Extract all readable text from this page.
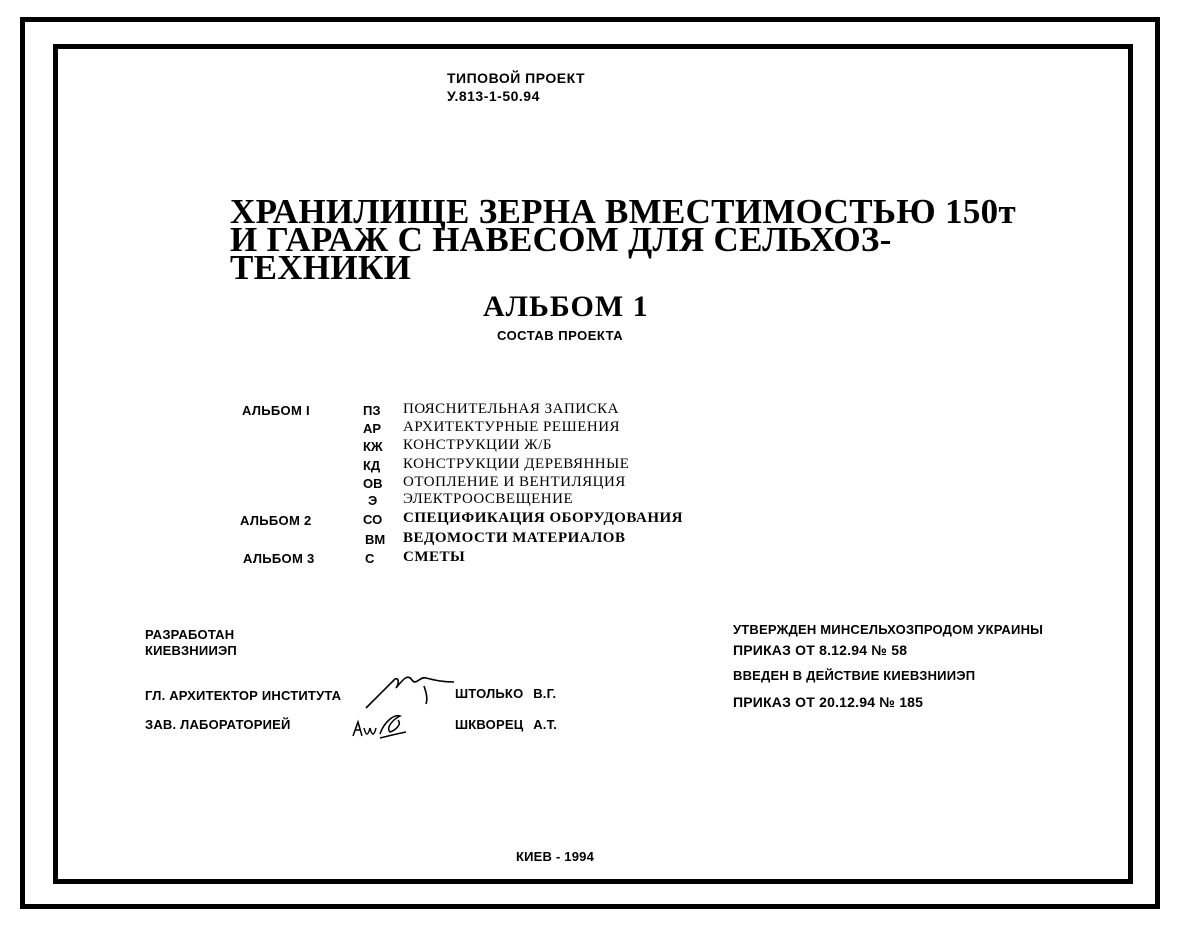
ТИПОВОЙ ПРОЕКТ
У.813-1-50.94
ХРАНИЛИЩЕ ЗЕРНА ВМЕСТИМОСТЬЮ 150т
И ГАРАЖ С НАВЕСОМ ДЛЯ СЕЛЬХОЗ-
ТЕХНИКИ
АЛЬБОМ 1
СОСТАВ ПРОЕКТА
АЛЬБОМ I	ПЗ ПОЯСНИТЕЛЬНАЯ ЗАПИСКА
АР АРХИТЕКТУРНЫЕ РЕШЕНИЯ
КЖ КОНСТРУКЦИИ Ж/Б
КД КОНСТРУКЦИИ ДЕРЕВЯННЫЕ
ОВ ОТОПЛЕНИЕ И ВЕНТИЛЯЦИЯ
Э ЭЛЕКТРООСВЕЩЕНИЕ
АЛЬБОМ 2	СО СПЕЦИФИКАЦИЯ ОБОРУДОВАНИЯ
ВМ ВЕДОМОСТИ МАТЕРИАЛОВ
АЛЬБОМ 3	С СМЕТЫ
РАЗРАБОТАН
КИЕВЗНИИЭП
ГЛ. АРХИТЕКТОР ИНСТИТУТА	ШТОЛЬКО В.Г.
ЗАВ. ЛАБОРАТОРИЕЙ	ШКВОРЕЦ А.Т.
УТВЕРЖДЕН МИНСЕЛЬХОЗПРОДОМ УКРАИНЫ
ПРИКАЗ ОТ 8.12.94 № 58
ВВЕДЕН В ДЕЙСТВИЕ КИЕВЗНИИЭП
ПРИКАЗ ОТ 20.12.94 № 185
КИЕВ - 1994
